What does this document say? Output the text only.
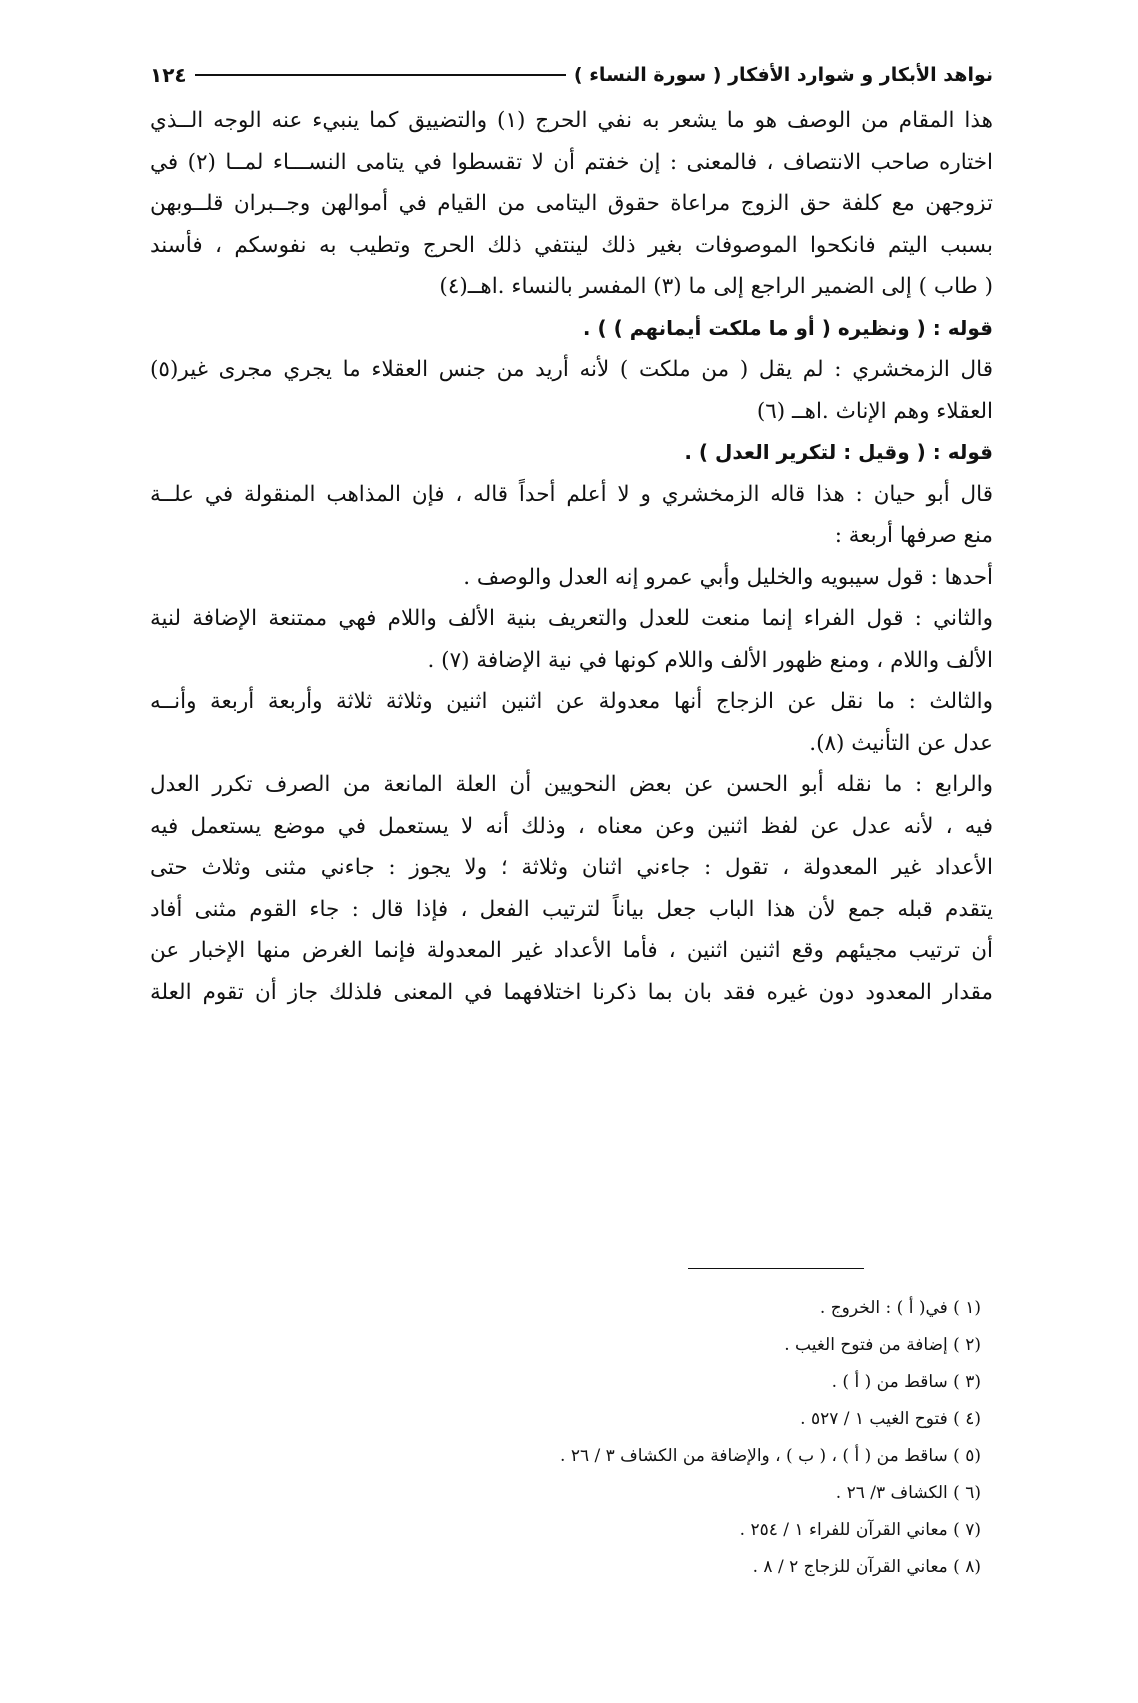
نواهد الأبكار و شوارد الأفكار ( سورة النساء )
١٢٤
هذا المقام من الوصف هو ما يشعر به نفي الحرج (١) والتضييق كما ينبيء عنه الوجه الــذي
اختاره صاحب الانتصاف ، فالمعنى : إن خفتم أن لا تقسطوا في يتامى النســـاء لمــا (٢) في
تزوجهن مع كلفة حق الزوج مراعاة حقوق اليتامى من القيام في أموالهن وجــبران قلــوبهن
بسبب اليتم فانكحوا الموصوفات بغير ذلك لينتفي ذلك الحرج وتطيب به نفوسكم ، فأسند
( طاب ) إلى الضمير الراجع إلى ما (٣) المفسر بالنساء .اهــ(٤)
قوله : ( ونظيره ( أو ما ملكت أيمانهم ) ) .
قال الزمخشري : لم يقل ( من ملكت ) لأنه أريد من جنس العقلاء ما يجري مجرى غير(٥)
العقلاء وهم الإناث .اهــ (٦)
قوله : ( وقيل : لتكرير العدل ) .
قال أبو حيان : هذا قاله الزمخشري و لا أعلم أحداً قاله ، فإن المذاهب المنقولة في علــة
منع صرفها أربعة :
أحدها : قول سيبويه والخليل وأبي عمرو إنه العدل والوصف .
والثاني : قول الفراء إنما منعت للعدل والتعريف بنية الألف واللام فهي ممتنعة الإضافة لنية
الألف واللام ، ومنع ظهور الألف واللام كونها في نية الإضافة (٧) .
والثالث : ما نقل عن الزجاج أنها معدولة عن اثنين اثنين وثلاثة ثلاثة وأربعة أربعة وأنــه
عدل عن التأنيث (٨).
والرابع : ما نقله أبو الحسن عن بعض النحويين أن العلة المانعة من الصرف تكرر العدل
فيه ، لأنه عدل عن لفظ اثنين وعن معناه ، وذلك أنه لا يستعمل في موضع يستعمل فيه
الأعداد غير المعدولة ، تقول : جاءني اثنان وثلاثة ؛ ولا يجوز : جاءني مثنى وثلاث حتى
يتقدم قبله جمع لأن هذا الباب جعل بياناً لترتيب الفعل ، فإذا قال : جاء القوم مثنى أفاد
أن ترتيب مجيئهم وقع اثنين اثنين ، فأما الأعداد غير المعدولة فإنما الغرض منها الإخبار عن
مقدار المعدود دون غيره فقد بان بما ذكرنا اختلافهما في المعنى فلذلك جاز أن تقوم العلة
(١ ) في( أ ) : الخروج .
(٢ ) إضافة من فتوح الغيب .
(٣ ) ساقط من ( أ ) .
(٤ ) فتوح الغيب ١ / ٥٢٧ .
(٥ ) ساقط من ( أ ) ، ( ب ) ، والإضافة من الكشاف ٣ / ٢٦ .
(٦ ) الكشاف ٣/ ٢٦ .
(٧ ) معاني القرآن للفراء ١ / ٢٥٤ .
(٨ ) معاني القرآن للزجاج ٢ / ٨ .
